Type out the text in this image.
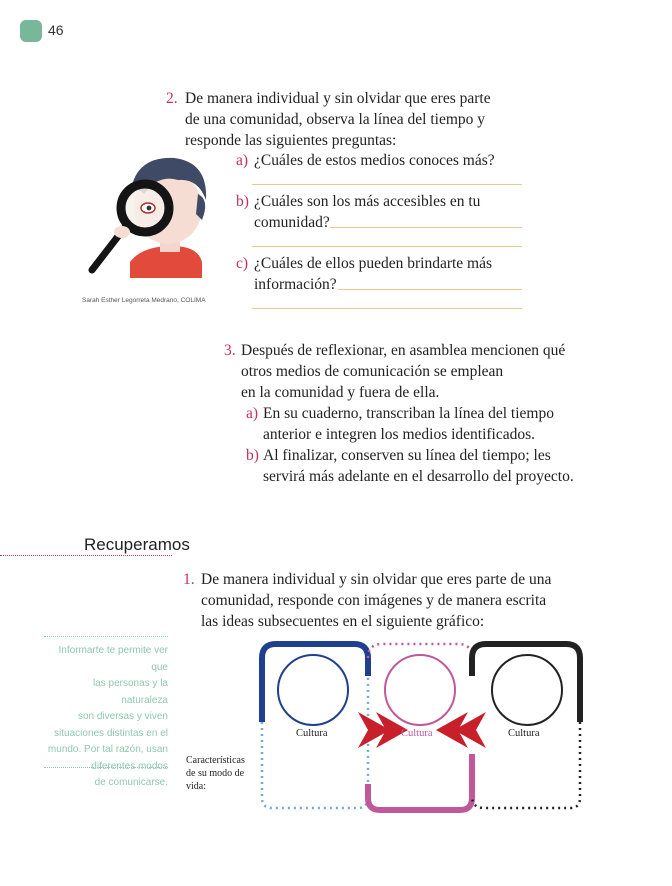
46
2. De manera individual y sin olvidar que eres parte
de una comunidad, observa la línea del tiempo y
responde las siguientes preguntas:
a) ¿Cuáles de estos medios conoces más?
b) ¿Cuáles son los más accesibles en tu
comunidad?
c) ¿Cuáles de ellos pueden brindarte más
información?
Sarah Esther Legorreta Medrano, COLIMA
3. Después de reflexionar, en asamblea mencionen qué
otros medios de comunicación se emplean
en la comunidad y fuera de ella.
a) En su cuaderno, transcriban la línea del tiempo
anterior e integren los medios identificados.
b) Al finalizar, conserven su línea del tiempo; les
servirá más adelante en el desarrollo del proyecto.
Recuperamos
1. De manera individual y sin olvidar que eres parte de una
comunidad, responde con imágenes y de manera escrita
las ideas subsecuentes en el siguiente gráfico:
Informarte te permite ver que
las personas y la naturaleza
son diversas y viven
situaciones distintas en el
mundo. Por tal razón, usan
diferentes modos
de comunicarse.
Cultura	Cultura	Cultura
Características
de su modo de
vida:
